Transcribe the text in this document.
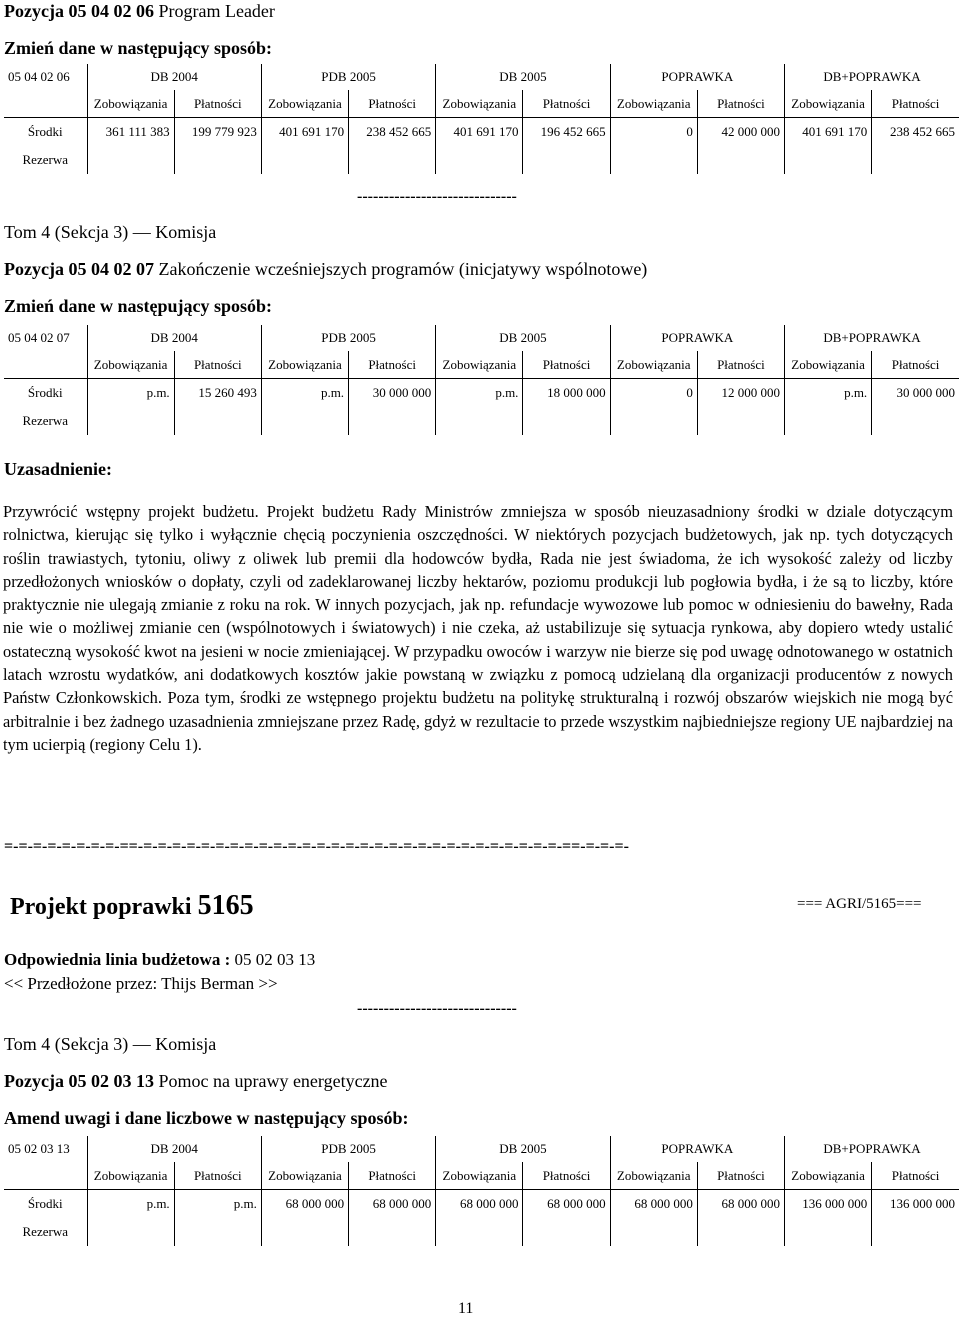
Pozycja 05 04 02 06 Program Leader
Zmień dane w następujący sposób:
05 04 02 06	DB 2004		PDB 2005		DB 2005		POPRAWKA		DB+POPRAWKA	
	Zobowiązania	Płatności	Zobowiązania	Płatności	Zobowiązania	Płatności	Zobowiązania	Płatności	Zobowiązania	Płatności
Środki	361 111 383	199 779 923	401 691 170	238 452 665	401 691 170	196 452 665	0	42 000 000	401 691 170	238 452 665
Rezerwa										
------------------------------
Tom 4 (Sekcja 3) — Komisja
Pozycja 05 04 02 07 Zakończenie wcześniejszych programów (inicjatywy wspólnotowe)
Zmień dane w następujący sposób:
05 04 02 07	DB 2004		PDB 2005		DB 2005		POPRAWKA		DB+POPRAWKA	
	Zobowiązania	Płatności	Zobowiązania	Płatności	Zobowiązania	Płatności	Zobowiązania	Płatności	Zobowiązania	Płatności
Środki	p.m.	15 260 493	p.m.	30 000 000	p.m.	18 000 000	0	12 000 000	p.m.	30 000 000
Rezerwa										
Uzasadnienie:
Przywrócić wstępny projekt budżetu. Projekt budżetu Rady Ministrów zmniejsza w sposób nieuzasadniony środki w dziale dotyczącym rolnictwa, kierując się tylko i wyłącznie chęcią poczynienia oszczędności. W niektórych pozycjach budżetowych, jak np. tych dotyczących roślin trawiastych, tytoniu, oliwy z oliwek lub premii dla hodowców bydła, Rada nie jest świadoma, że ich wysokość zależy od liczby przedłożonych wniosków o dopłaty, czyli od zadeklarowanej liczby hektarów, poziomu produkcji lub pogłowia bydła, i że są to liczby, które praktycznie nie ulegają zmianie z roku na rok. W innych pozycjach, jak np. refundacje wywozowe lub pomoc w odniesieniu do bawełny, Rada nie wie o możliwej zmianie cen (wspólnotowych i światowych) i nie czeka, aż ustabilizuje się sytuacja rynkowa, aby dopiero wtedy ustalić ostateczną wysokość kwot na jesieni w nocie zmieniającej. W przypadku owoców i warzyw nie bierze się pod uwagę odnotowanego w ostatnich latach wzrostu wydatków, ani dodatkowych kosztów jakie powstaną w związku z pomocą udzielaną dla organizacji producentów z nowych Państw Członkowskich. Poza tym, środki ze wstępnego projektu budżetu na politykę strukturalną i rozwój obszarów wiejskich nie mogą być arbitralnie i bez żadnego uzasadnienia zmniejszane przez Radę, gdyż w rezultacie to przede wszystkim najbiedniejsze regiony UE najbardziej na tym ucierpią (regiony Celu 1).
=-=-=-=-=-=-=-=-==-=-=-=-=-=-=-=-=-=-=-=-=-=-=-=-=-=-=-=-=-=-=-=-=-=-=-=-=-=-==-=-=-=-
Projekt poprawki 5165	=== AGRI/5165===
Odpowiednia linia budżetowa : 05 02 03 13
<< Przedłożone przez: Thijs Berman >>
------------------------------
Tom 4 (Sekcja 3) — Komisja
Pozycja 05 02 03 13 Pomoc na uprawy energetyczne
Amend uwagi i dane liczbowe w następujący sposób:
05 02 03 13	DB 2004		PDB 2005		DB 2005		POPRAWKA		DB+POPRAWKA	
	Zobowiązania	Płatności	Zobowiązania	Płatności	Zobowiązania	Płatności	Zobowiązania	Płatności	Zobowiązania	Płatności
Środki	p.m.	p.m.	68 000 000	68 000 000	68 000 000	68 000 000	68 000 000	68 000 000	136 000 000	136 000 000
Rezerwa										
11
